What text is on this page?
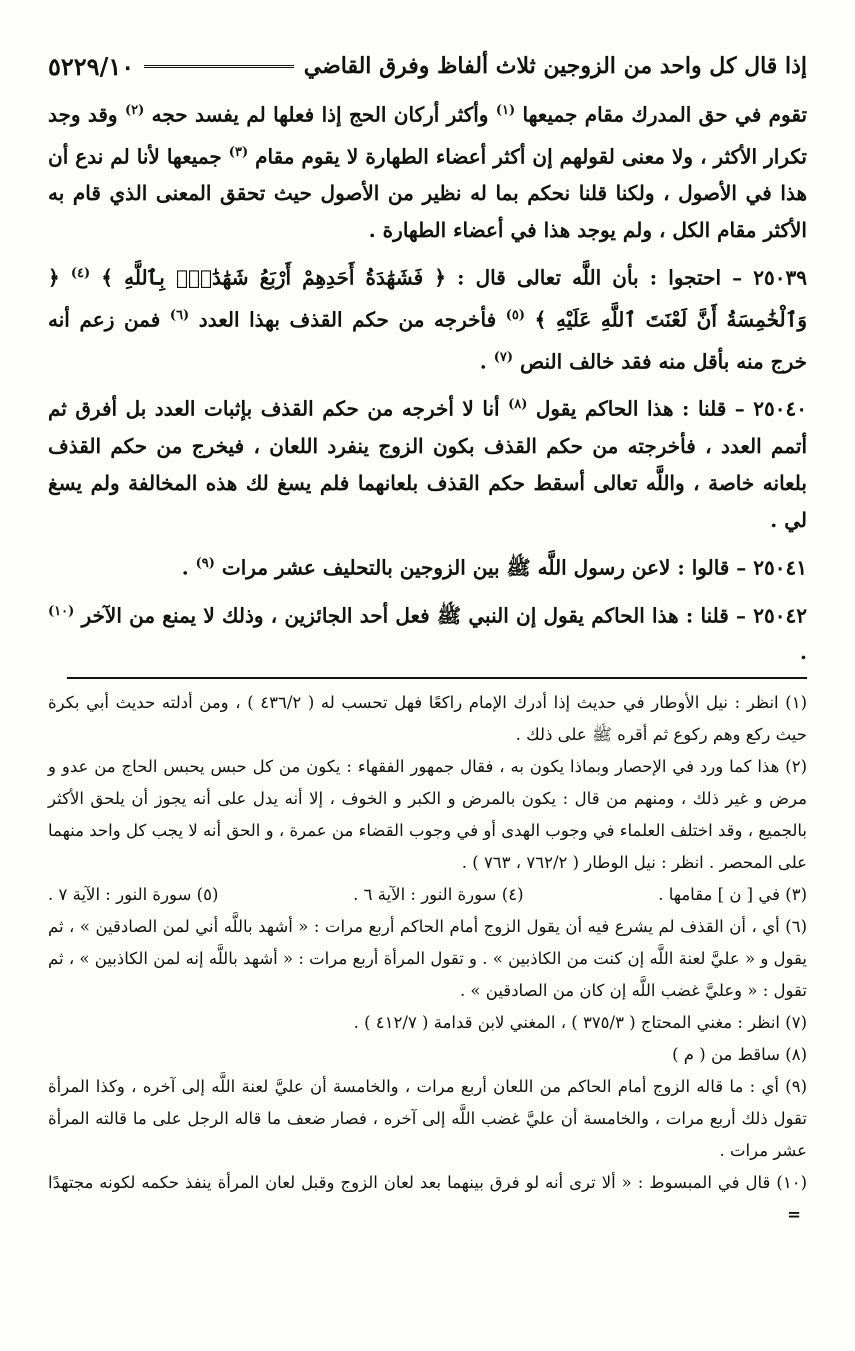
إذا قال كل واحد من الزوجين ثلاث ألفاظ وفرق القاضي
٥٢٢٩/١٠

تقوم في حق المدرك مقام جميعها $^{(١)}$ وأكثر أركان الحج إذا فعلها لم يفسد حجه $^{(٢)}$ وقد وجد تكرار الأكثر ، ولا معنى لقولهم إن أكثر أعضاء الطهارة لا يقوم مقام $^{(٣)}$ جميعها لأنا لم ندع أن هذا في الأصول ، ولكنا قلنا نحكم بما له نظير من الأصول حيث تحقق المعنى الذي قام به الأكثر مقام الكل ، ولم يوجد هذا في أعضاء الطهارة .

٢٥٠٣٩ – احتجوا : بأن اللَّه تعالى قال : ﴿ فَشَهَٰدَةُ أَحَدِهِمْ أَرْبَعُ شَهَٰدَٰتٍۭ بِٱللَّهِ ﴾ $^{(٤)}$ ﴿ وَٱلْخَٰمِسَةُ أَنَّ لَعْنَتَ ٱللَّهِ عَلَيْهِ ﴾ $^{(٥)}$ فأخرجه من حكم القذف بهذا العدد $^{(٦)}$ فمن زعم أنه خرج منه بأقل منه فقد خالف النص $^{(٧)}$ .

٢٥٠٤٠ – قلنا : هذا الحاكم يقول $^{(٨)}$ أنا لا أخرجه من حكم القذف بإثبات العدد بل أفرق ثم أتمم العدد ، فأخرجته من حكم القذف بكون الزوج ينفرد اللعان ، فيخرج من حكم القذف بلعانه خاصة ، واللَّه تعالى أسقط حكم القذف بلعانهما فلم يسغ لك هذه المخالفة ولم يسغ لي .

٢٥٠٤١ – قالوا : لاعن رسول اللَّه ﷺ بين الزوجين بالتحليف عشر مرات $^{(٩)}$ .

٢٥٠٤٢ – قلنا : هذا الحاكم يقول إن النبي ﷺ فعل أحد الجائزين ، وذلك لا يمنع من الآخر $^{(١٠)}$ .

(١) انظر : نيل الأوطار في حديث إذا أدرك الإمام راكعًا فهل تحسب له ( ٤٣٦/٢ ) ، ومن أدلته حديث أبي بكرة حيث ركع وهم ركوع ثم أقره ﷺ على ذلك .

(٢) هذا كما ورد في الإحصار وبماذا يكون به ، فقال جمهور الفقهاء : يكون من كل حبس يحبس الحاج من عدو و مرض و غير ذلك ، ومنهم من قال : يكون بالمرض و الكبر و الخوف ، إلا أنه يدل على أنه يجوز أن يلحق الأكثر بالجميع ، وقد اختلف العلماء في وجوب الهدى أو في وجوب القضاء من عمرة ، و الحق أنه لا يجب كل واحد منهما على المحصر . انظر : نيل الوطار ( ٧٦٢/٢ ، ٧٦٣ ) .

(٣) في [ ن ] مقامها .
(٤) سورة النور : الآية ٦ .
(٥) سورة النور : الآية ٧ .

(٦) أي ، أن القذف لم يشرع فيه أن يقول الزوج أمام الحاكم أربع مرات : « أشهد باللَّه أني لمن الصادقين » ، ثم يقول و « عليَّ لعنة اللَّه إن كنت من الكاذبين » . و تقول المرأة أربع مرات : « أشهد باللَّه إنه لمن الكاذبين » ، ثم تقول : « وعليَّ غضب اللَّه إن كان من الصادقين » .

(٧) انظر : مغني المحتاج ( ٣٧٥/٣ ) ، المغني لابن قدامة ( ٤١٢/٧ ) .

(٨) ساقط من ( م )

(٩) أي : ما قاله الزوج أمام الحاكم من اللعان أربع مرات ، والخامسة أن عليَّ لعنة اللَّه إلى آخره ، وكذا المرأة تقول ذلك أربع مرات ، والخامسة أن عليَّ غضب اللَّه إلى آخره ، فصار ضعف ما قاله الرجل على ما قالته المرأة عشر مرات .

(١٠) قال في المبسوط : « ألا ترى أنه لو فرق بينهما بعد لعان الزوج وقبل لعان المرأة ينفذ حكمه لكونه مجتهدًا =
